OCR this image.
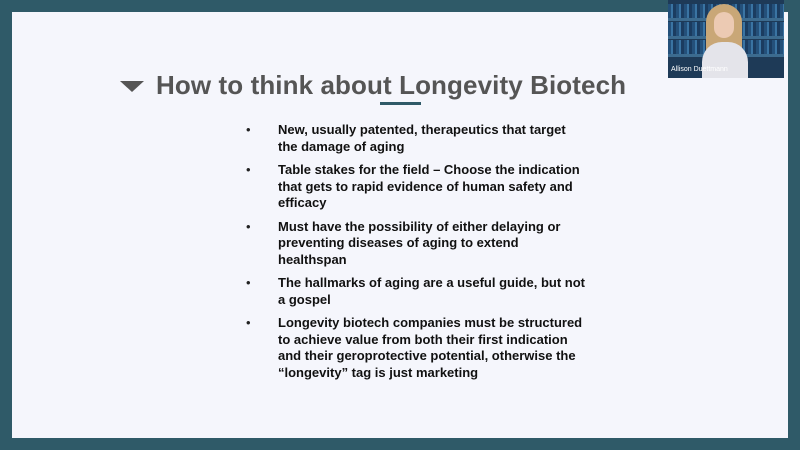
How to think about Longevity Biotech
•	New, usually patented, therapeutics that target the damage of aging
•	Table stakes for the field – Choose the indication that gets to rapid evidence of human safety and efficacy
•	Must have the possibility of either delaying or preventing diseases of aging to extend healthspan
•	The hallmarks of aging are a useful guide, but not a gospel
•	Longevity biotech companies must be structured to achieve value from both their first indication and their geroprotective potential, otherwise the “longevity” tag is just marketing
Allison Duettmann
